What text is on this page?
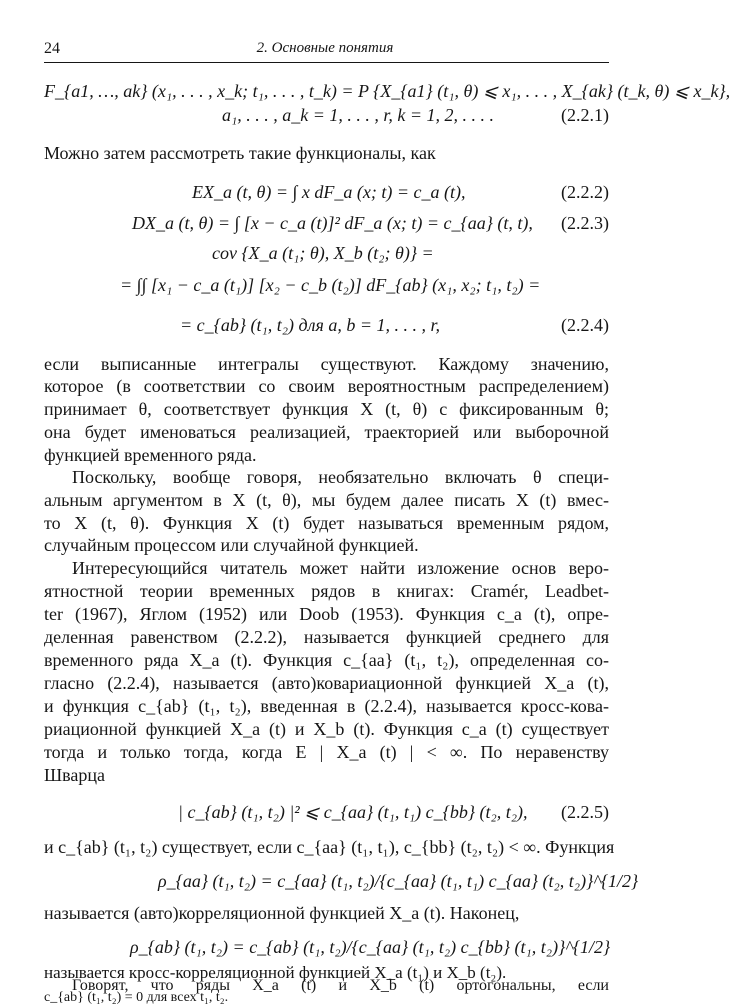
24	2. Основные понятия
F_{a1, …, ak} (x₁, . . . , x_k; t₁, . . . , t_k) = P {X_{a1} (t₁, θ) ⩽ x₁, . . . , X_{ak} (t_k, θ) ⩽ x_k},
a₁, . . . , a_k = 1, . . . , r, k = 1, 2, . . . .	(2.2.1)
Можно затем рассмотреть такие функционалы, как
EX_a (t, θ) = ∫ x dF_a (x; t) = c_a (t),	(2.2.2)
DX_a (t, θ) = ∫ [x − c_a (t)]² dF_a (x; t) = c_{aa} (t, t), (2.2.3)
cov {X_a (t₁; θ), X_b (t₂; θ)} =
= ∫∫ [x₁ − c_a (t₁)] [x₂ − c_b (t₂)] dF_{ab} (x₁, x₂; t₁, t₂) =
= c_{ab} (t₁, t₂) для a, b = 1, . . . , r,	(2.2.4)
если выписанные интегралы существуют. Каждому значению,
которое (в соответствии со своим вероятностным распределением)
принимает θ, соответствует функция X (t, θ) с фиксированным θ;
она будет именоваться реализацией, траекторией или выборочной
функцией временного ряда.
Поскольку, вообще говоря, необязательно включать θ специ-
альным аргументом в X (t, θ), мы будем далее писать X (t) вмес-
то X (t, θ). Функция X (t) будет называться временным рядом,
случайным процессом или случайной функцией.
Интересующийся читатель может найти изложение основ веро-
ятностной теории временных рядов в книгах: Cramér, Leadbet-
ter (1967), Яглом (1952) или Doob (1953). Функция c_a (t), опре-
деленная равенством (2.2.2), называется функцией среднего для
временного ряда X_a (t). Функция c_{aa} (t₁, t₂), определенная со-
гласно (2.2.4), называется (авто)ковариационной функцией X_a (t),
и функция c_{ab} (t₁, t₂), введенная в (2.2.4), называется кросс-кова-
риационной функцией X_a (t) и X_b (t). Функция c_a (t) существует
тогда и только тогда, когда E | X_a (t) | < ∞. По неравенству
Шварца
| c_{ab} (t₁, t₂) |² ⩽ c_{aa} (t₁, t₁) c_{bb} (t₂, t₂), (2.2.5)
и c_{ab} (t₁, t₂) существует, если c_{aa} (t₁, t₁), c_{bb} (t₂, t₂) < ∞. Функция
ρ_{aa} (t₁, t₂) = c_{aa} (t₁, t₂)/{c_{aa} (t₁, t₁) c_{aa} (t₂, t₂)}^{1/2}
называется (авто)корреляционной функцией X_a (t). Наконец,
ρ_{ab} (t₁, t₂) = c_{ab} (t₁, t₂)/{c_{aa} (t₁, t₂) c_{bb} (t₁, t₂)}^{1/2}
называется кросс-корреляционной функцией X_a (t₁) и X_b (t₂).
Говорят, что ряды X_a (t) и X_b (t) ортогональны, если
c_{ab} (t₁, t₂) = 0 для всех t₁, t₂.
